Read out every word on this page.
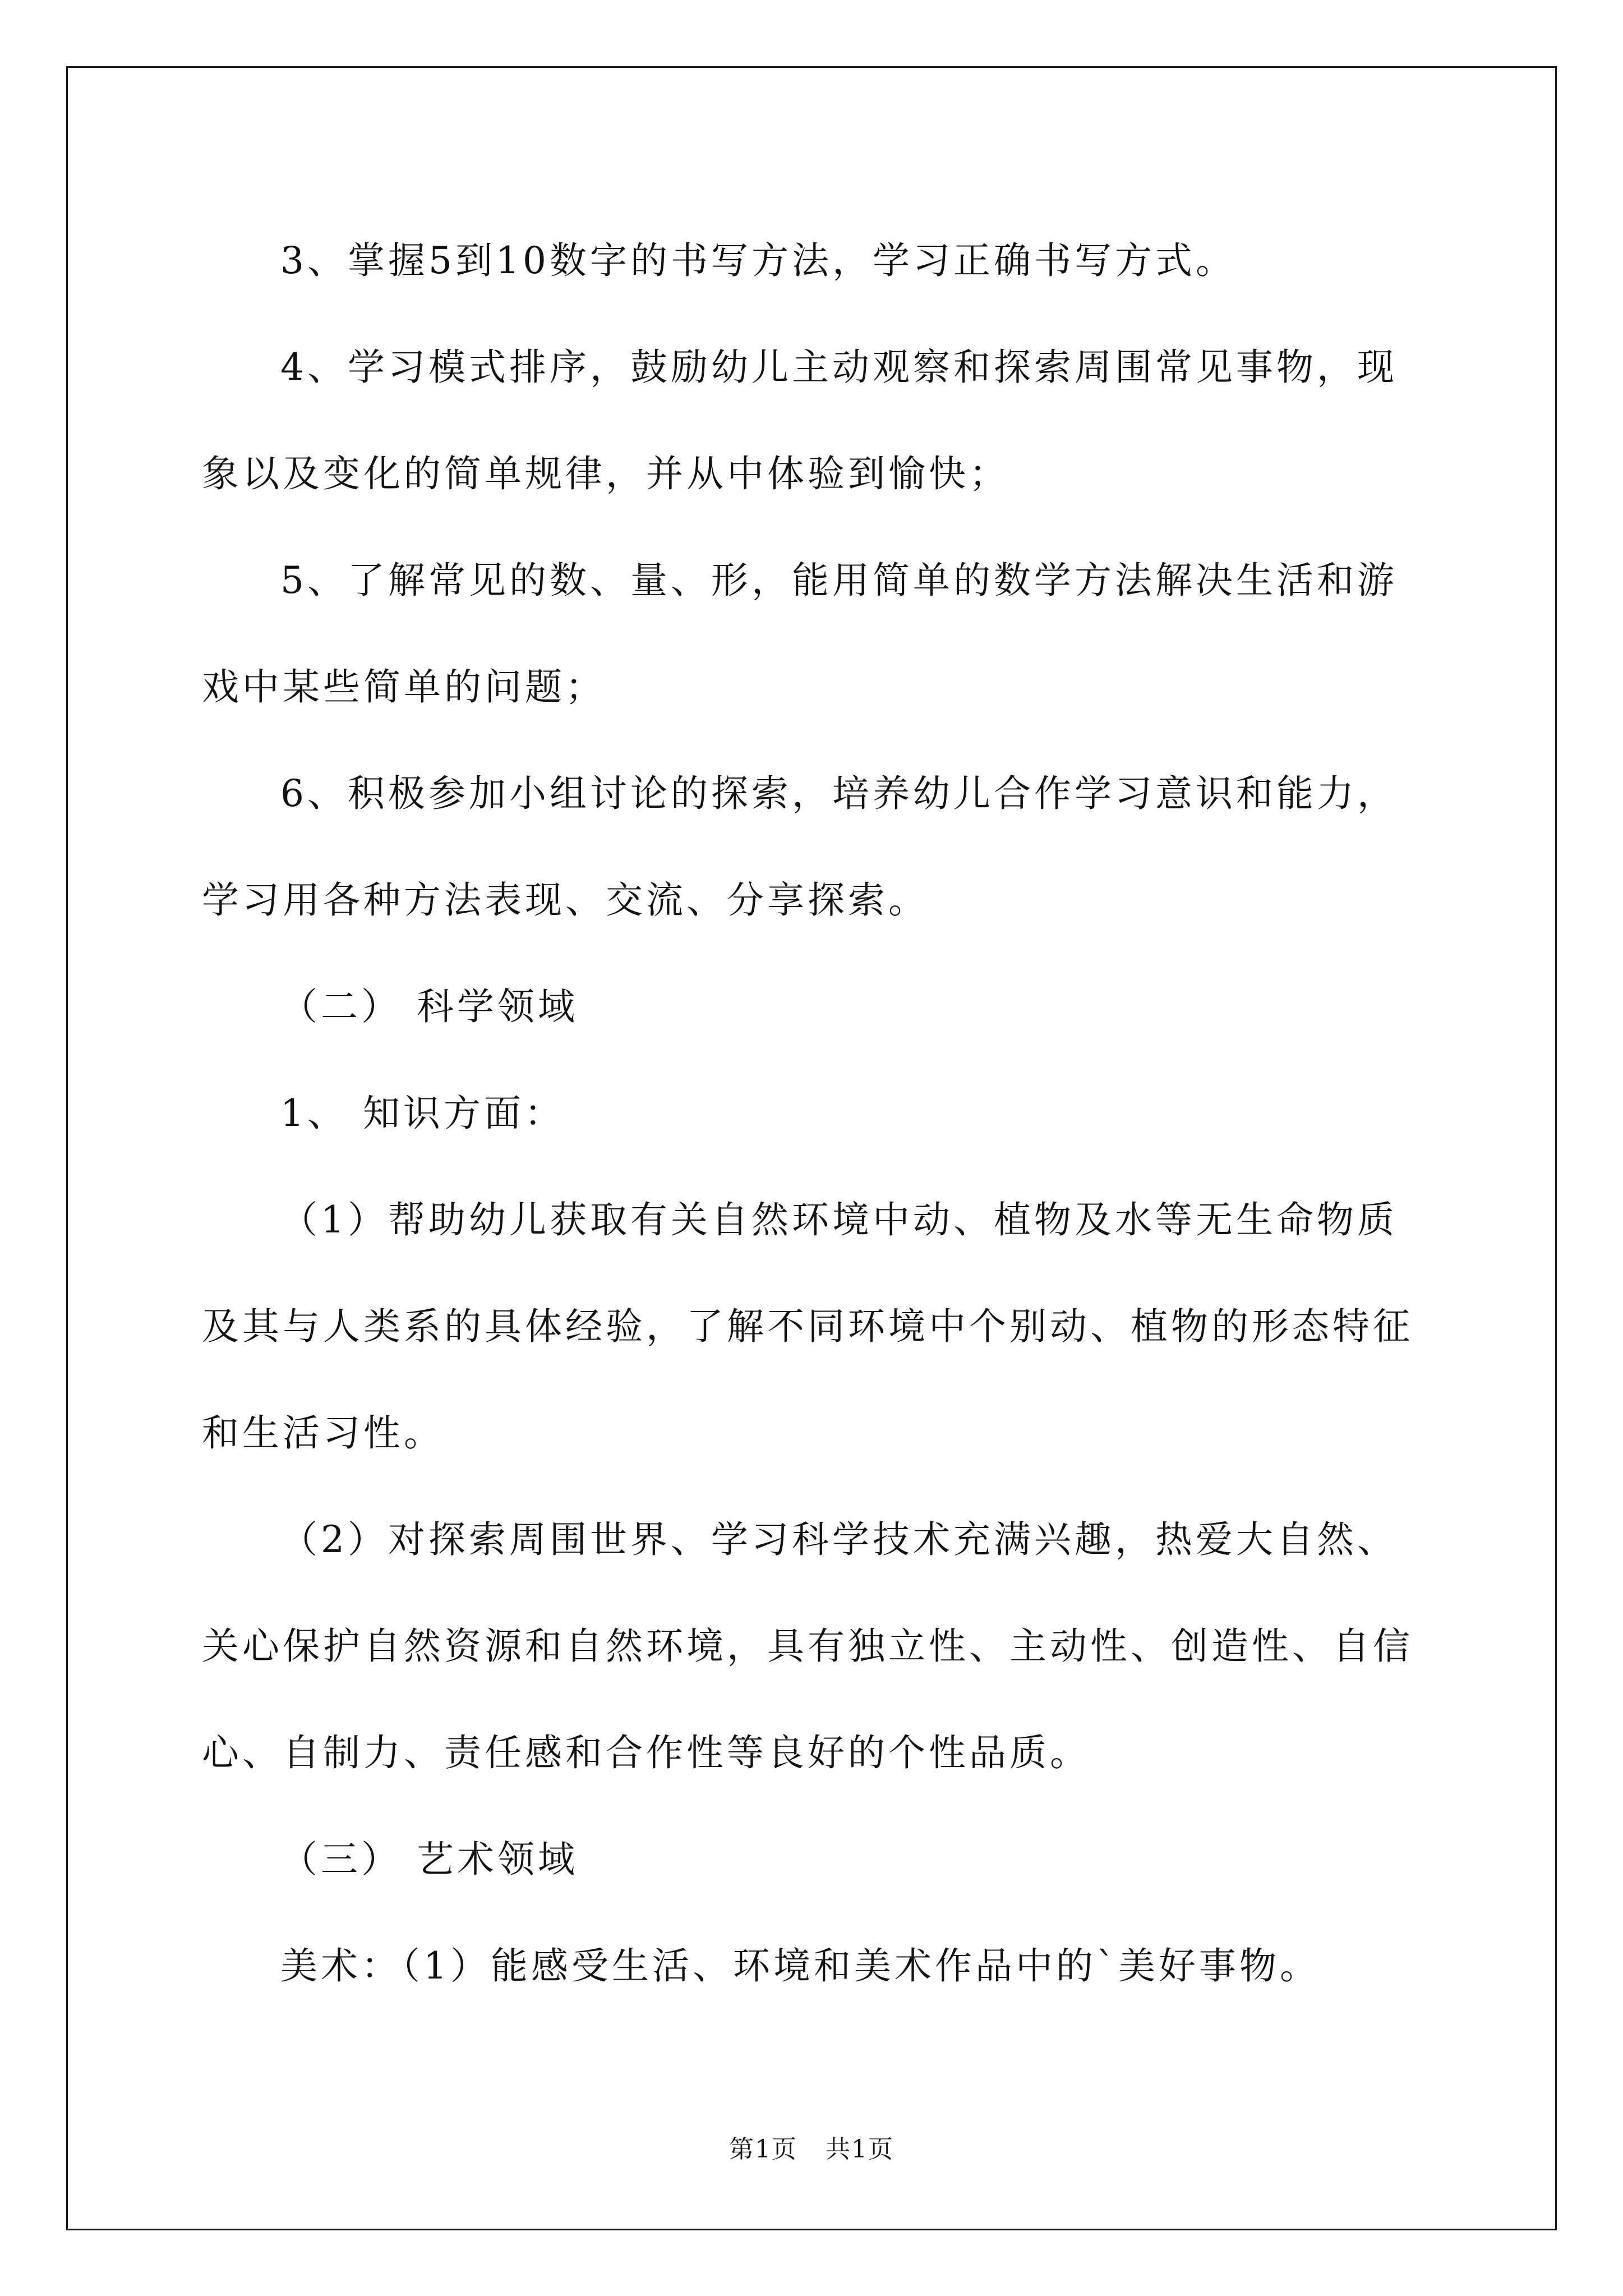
3、掌握5到10数字的书写方法，学习正确书写方式。

4、学习模式排序，鼓励幼儿主动观察和探索周围常见事物，现象以及变化的简单规律，并从中体验到愉快；

5、了解常见的数、量、形，能用简单的数学方法解决生活和游戏中某些简单的问题；

6、积极参加小组讨论的探索，培养幼儿合作学习意识和能力，学习用各种方法表现、交流、分享探索。

（二） 科学领域

1、 知识方面：

（1）帮助幼儿获取有关自然环境中动、植物及水等无生命物质及其与人类系的具体经验，了解不同环境中个别动、植物的形态特征和生活习性。

（2）对探索周围世界、学习科学技术充满兴趣，热爱大自然、关心保护自然资源和自然环境，具有独立性、主动性、创造性、自信心、自制力、责任感和合作性等良好的个性品质。

（三） 艺术领域

美术：（1）能感受生活、环境和美术作品中的`美好事物。

第1页 共1页
